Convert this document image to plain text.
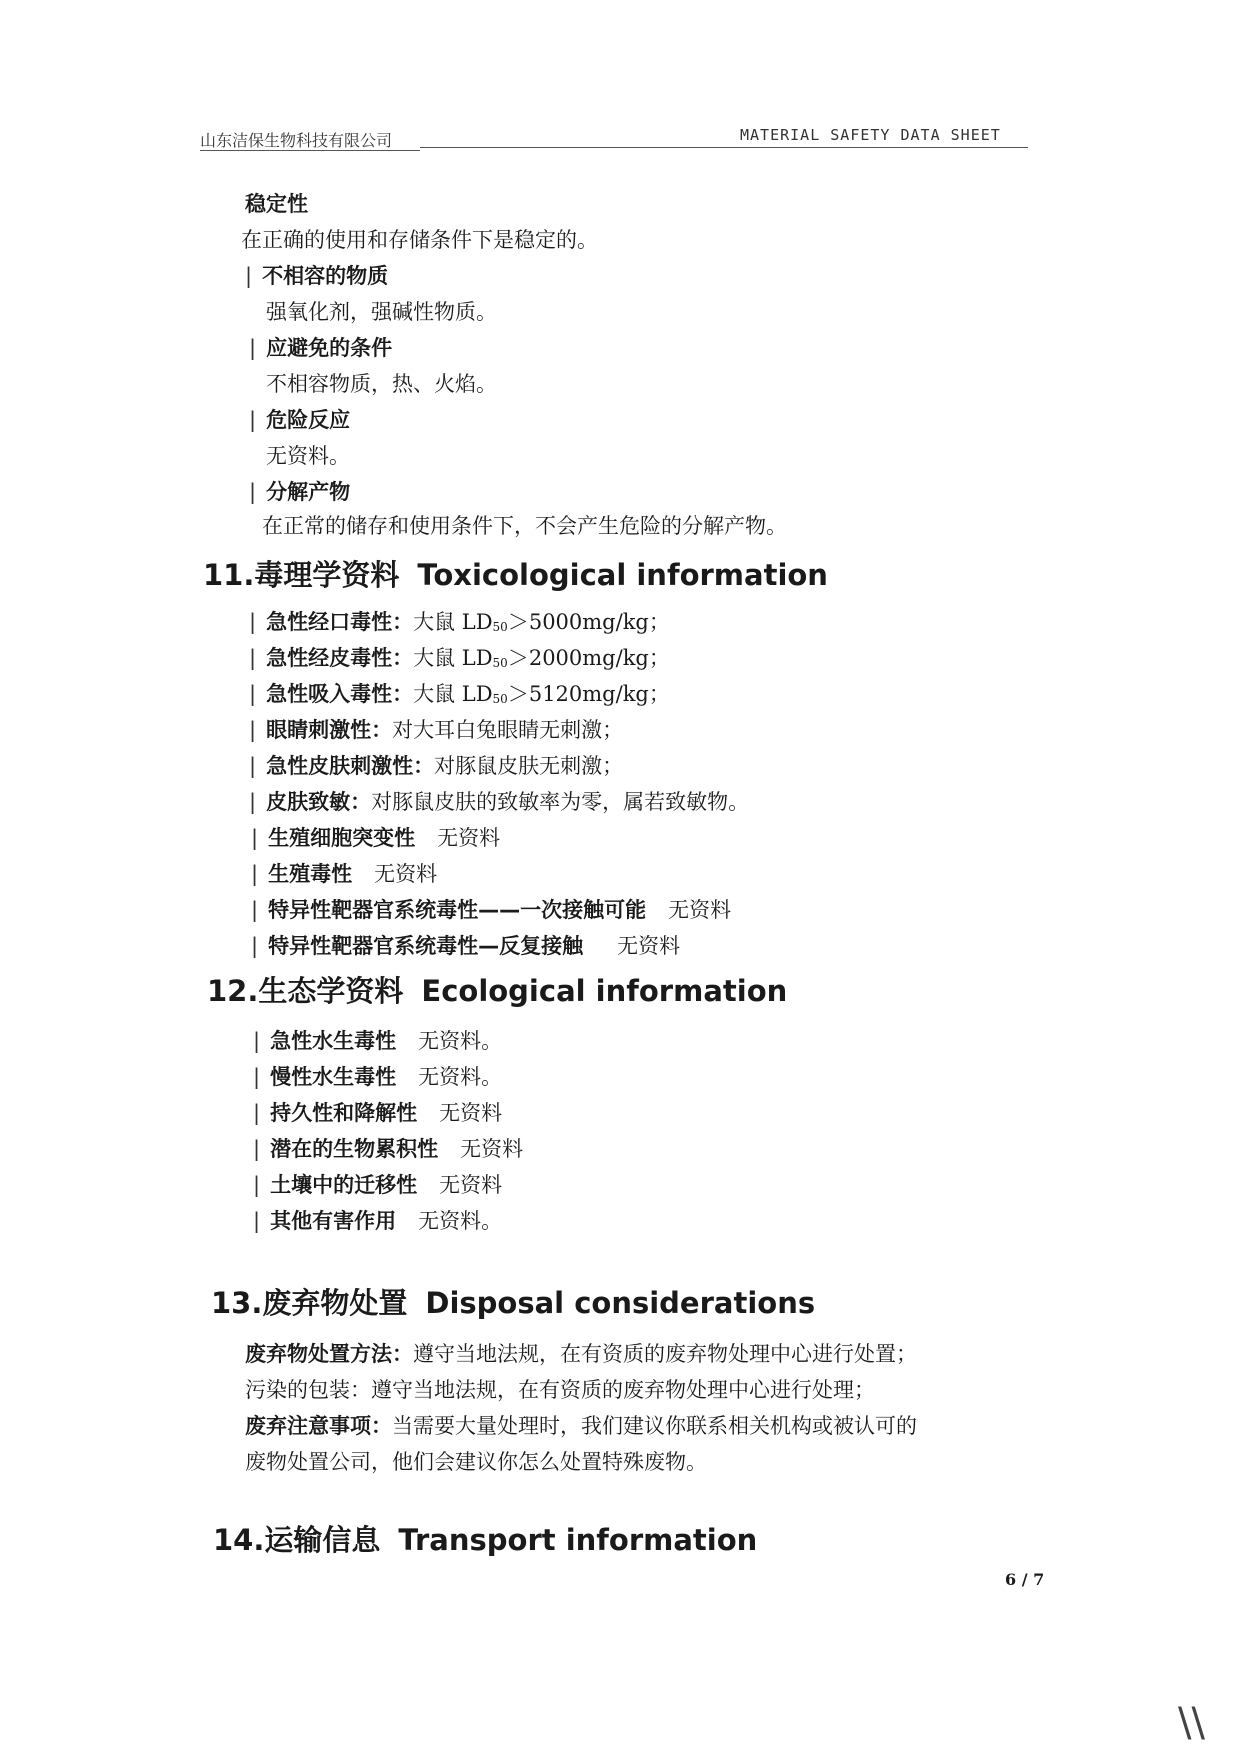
山东洁保生物科技有限公司	MATERIAL SAFETY DATA SHEET
稳定性
在正确的使用和存储条件下是稳定的。
| 不相容的物质
强氧化剂，强碱性物质。
| 应避免的条件
不相容物质，热、火焰。
| 危险反应
无资料。
| 分解产物
在正常的储存和使用条件下，不会产生危险的分解产物。
11.毒理学资料 Toxicological information
| 急性经口毒性：大鼠 LD50＞5000mg/kg；
| 急性经皮毒性：大鼠 LD50＞2000mg/kg；
| 急性吸入毒性：大鼠 LD50＞5120mg/kg；
| 眼睛刺激性：对大耳白兔眼睛无刺激；
| 急性皮肤刺激性：对豚鼠皮肤无刺激；
| 皮肤致敏：对豚鼠皮肤的致敏率为零，属若致敏物。
| 生殖细胞突变性 无资料
| 生殖毒性 无资料
| 特异性靶器官系统毒性——一次接触可能 无资料
| 特异性靶器官系统毒性—反复接触 无资料
12.生态学资料 Ecological information
| 急性水生毒性 无资料。
| 慢性水生毒性 无资料。
| 持久性和降解性 无资料
| 潜在的生物累积性 无资料
| 土壤中的迁移性 无资料
| 其他有害作用 无资料。
13.废弃物处置 Disposal considerations
废弃物处置方法：遵守当地法规，在有资质的废弃物处理中心进行处置；
污染的包装：遵守当地法规，在有资质的废弃物处理中心进行处理；
废弃注意事项：当需要大量处理时，我们建议你联系相关机构或被认可的
废物处置公司，他们会建议你怎么处置特殊废物。
14.运输信息 Transport information
6 / 7
\\
